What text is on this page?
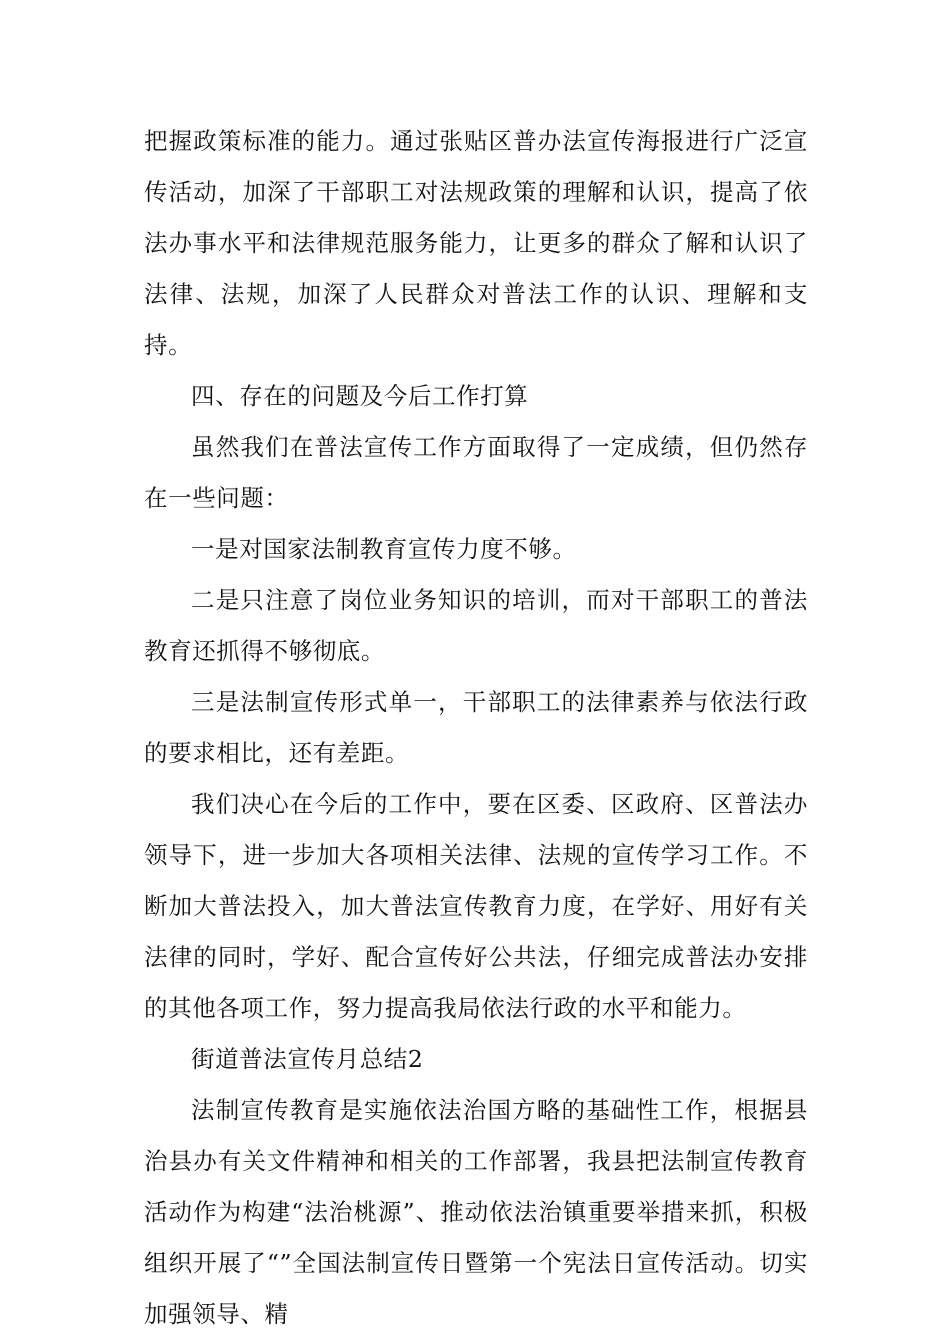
把握政策标准的能力。通过张贴区普办法宣传海报进行广泛宣传活动，加深了干部职工对法规政策的理解和认识，提高了依法办事水平和法律规范服务能力，让更多的群众了解和认识了法律、法规，加深了人民群众对普法工作的认识、理解和支持。

四、存在的问题及今后工作打算

虽然我们在普法宣传工作方面取得了一定成绩，但仍然存在一些问题：

一是对国家法制教育宣传力度不够。

二是只注意了岗位业务知识的培训，而对干部职工的普法教育还抓得不够彻底。

三是法制宣传形式单一，干部职工的法律素养与依法行政的要求相比，还有差距。

我们决心在今后的工作中，要在区委、区政府、区普法办领导下，进一步加大各项相关法律、法规的宣传学习工作。不断加大普法投入，加大普法宣传教育力度，在学好、用好有关法律的同时，学好、配合宣传好公共法，仔细完成普法办安排的其他各项工作，努力提高我局依法行政的水平和能力。

街道普法宣传月总结2

法制宣传教育是实施依法治国方略的基础性工作，根据县治县办有关文件精神和相关的工作部署，我县把法制宣传教育活动作为构建“法治桃源”、推动依法治镇重要举措来抓，积极组织开展了“”全国法制宣传日暨第一个宪法日宣传活动。切实加强领导、精
